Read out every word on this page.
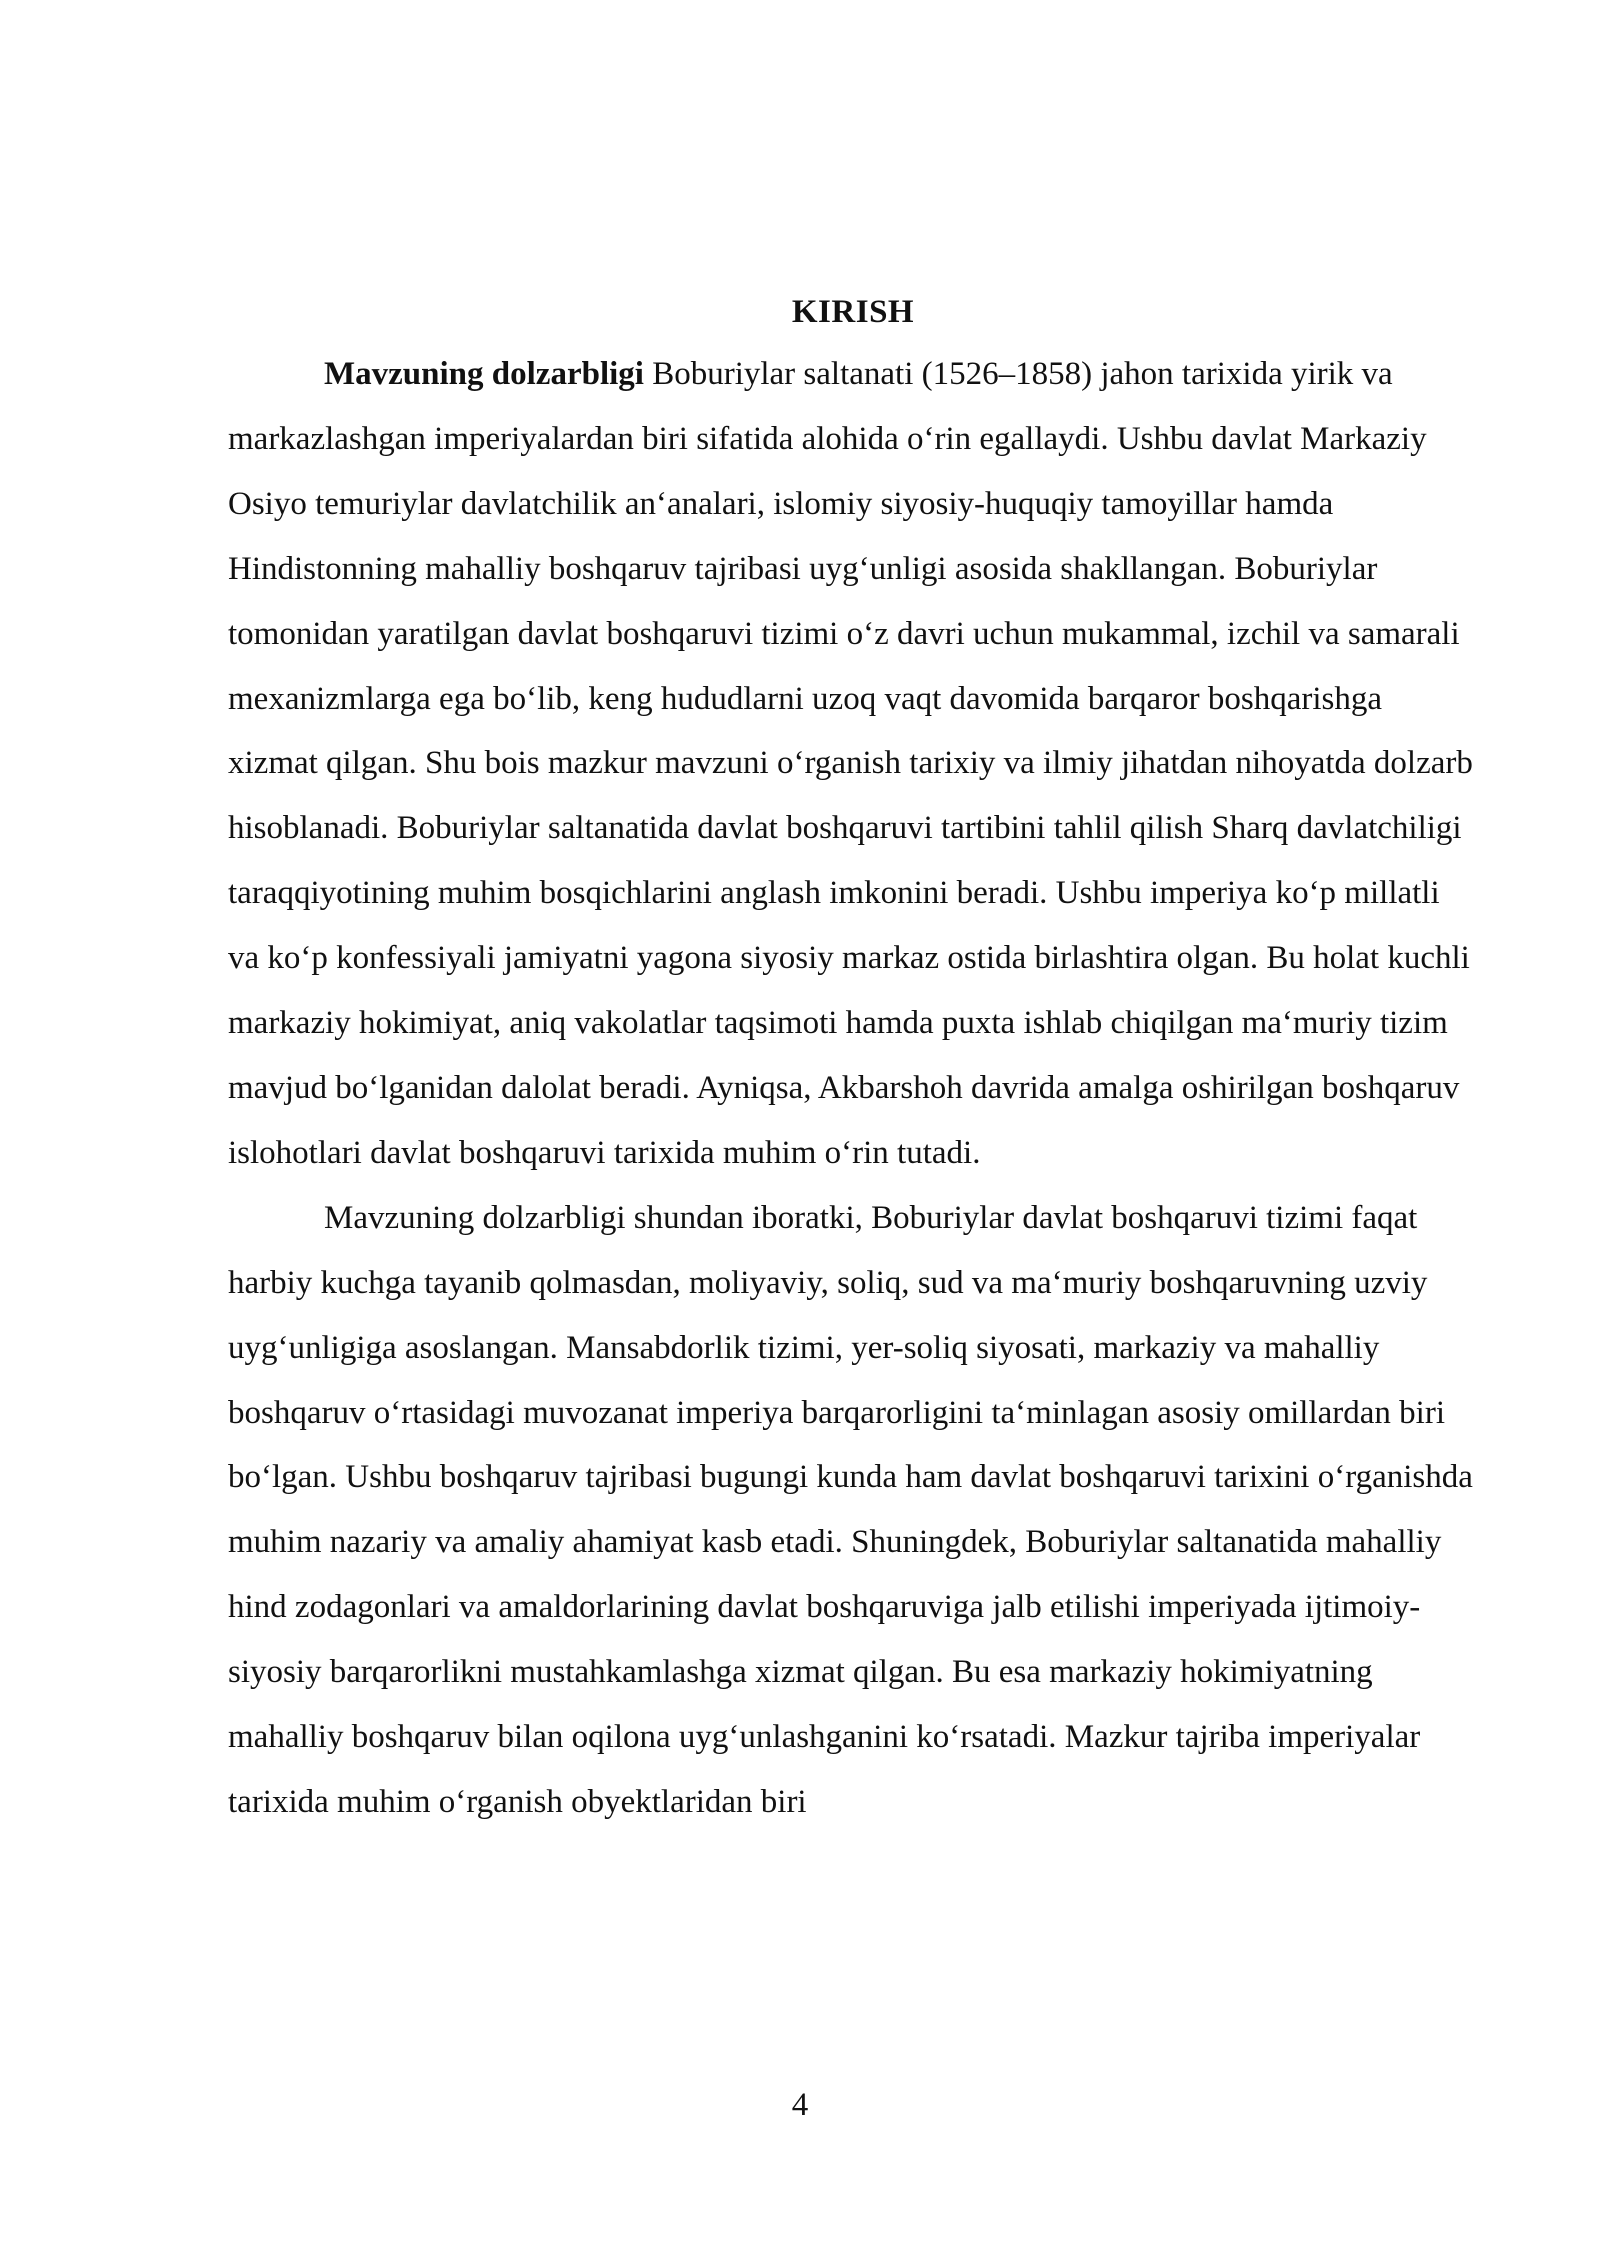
KIRISH

Mavzuning dolzarbligi Boburiylar saltanati (1526–1858) jahon tarixida yirik va markazlashgan imperiyalardan biri sifatida alohida o‘rin egallaydi. Ushbu davlat Markaziy Osiyo temuriylar davlatchilik an‘analari, islomiy siyosiy-huquqiy tamoyillar hamda Hindistonning mahalliy boshqaruv tajribasi uyg‘unligi asosida shakllangan. Boburiylar tomonidan yaratilgan davlat boshqaruvi tizimi o‘z davri uchun mukammal, izchil va samarali mexanizmlarga ega bo‘lib, keng hududlarni uzoq vaqt davomida barqaror boshqarishga xizmat qilgan. Shu bois mazkur mavzuni o‘rganish tarixiy va ilmiy jihatdan nihoyatda dolzarb hisoblanadi. Boburiylar saltanatida davlat boshqaruvi tartibini tahlil qilish Sharq davlatchiligi taraqqiyotining muhim bosqichlarini anglash imkonini beradi. Ushbu imperiya ko‘p millatli va ko‘p konfessiyali jamiyatni yagona siyosiy markaz ostida birlashtira olgan. Bu holat kuchli markaziy hokimiyat, aniq vakolatlar taqsimoti hamda puxta ishlab chiqilgan ma‘muriy tizim mavjud bo‘lganidan dalolat beradi. Ayniqsa, Akbarshoh davrida amalga oshirilgan boshqaruv islohotlari davlat boshqaruvi tarixida muhim o‘rin tutadi.

Mavzuning dolzarbligi shundan iboratki, Boburiylar davlat boshqaruvi tizimi faqat harbiy kuchga tayanib qolmasdan, moliyaviy, soliq, sud va ma‘muriy boshqaruvning uzviy uyg‘unligiga asoslangan. Mansabdorlik tizimi, yer-soliq siyosati, markaziy va mahalliy boshqaruv o‘rtasidagi muvozanat imperiya barqarorligini ta‘minlagan asosiy omillardan biri bo‘lgan. Ushbu boshqaruv tajribasi bugungi kunda ham davlat boshqaruvi tarixini o‘rganishda muhim nazariy va amaliy ahamiyat kasb etadi. Shuningdek, Boburiylar saltanatida mahalliy hind zodagonlari va amaldorlarining davlat boshqaruviga jalb etilishi imperiyada ijtimoiy-siyosiy barqarorlikni mustahkamlashga xizmat qilgan. Bu esa markaziy hokimiyatning mahalliy boshqaruv bilan oqilona uyg‘unlashganini ko‘rsatadi. Mazkur tajriba imperiyalar tarixida muhim o‘rganish obyektlaridan biri

4
